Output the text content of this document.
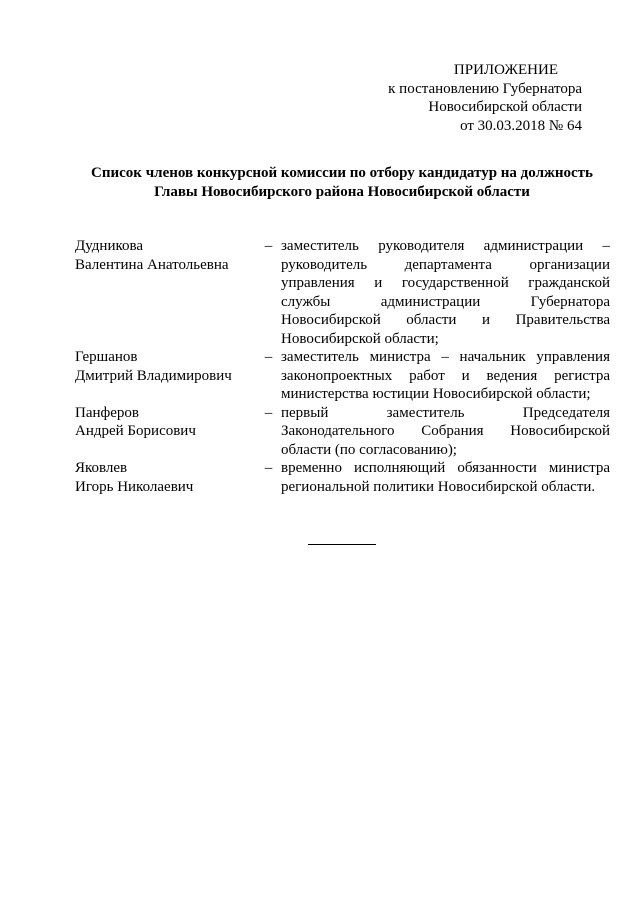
ПРИЛОЖЕНИЕ
к постановлению Губернатора
Новосибирской области
от 30.03.2018 № 64
Список членов конкурсной комиссии по отбору кандидатур на должность
Главы Новосибирского района Новосибирской области
Дудникова
Валентина Анатольевна
– заместитель руководителя администрации – руководитель департамента организации управления и государственной гражданской службы администрации Губернатора Новосибирской области и Правительства Новосибирской области;
Гершанов
Дмитрий Владимирович
– заместитель министра – начальник управления законопроектных работ и ведения регистра министерства юстиции Новосибирской области;
Панферов
Андрей Борисович
– первый заместитель Председателя Законодательного Собрания Новосибирской области (по согласованию);
Яковлев
Игорь Николаевич
– временно исполняющий обязанности министра региональной политики Новосибирской области.
